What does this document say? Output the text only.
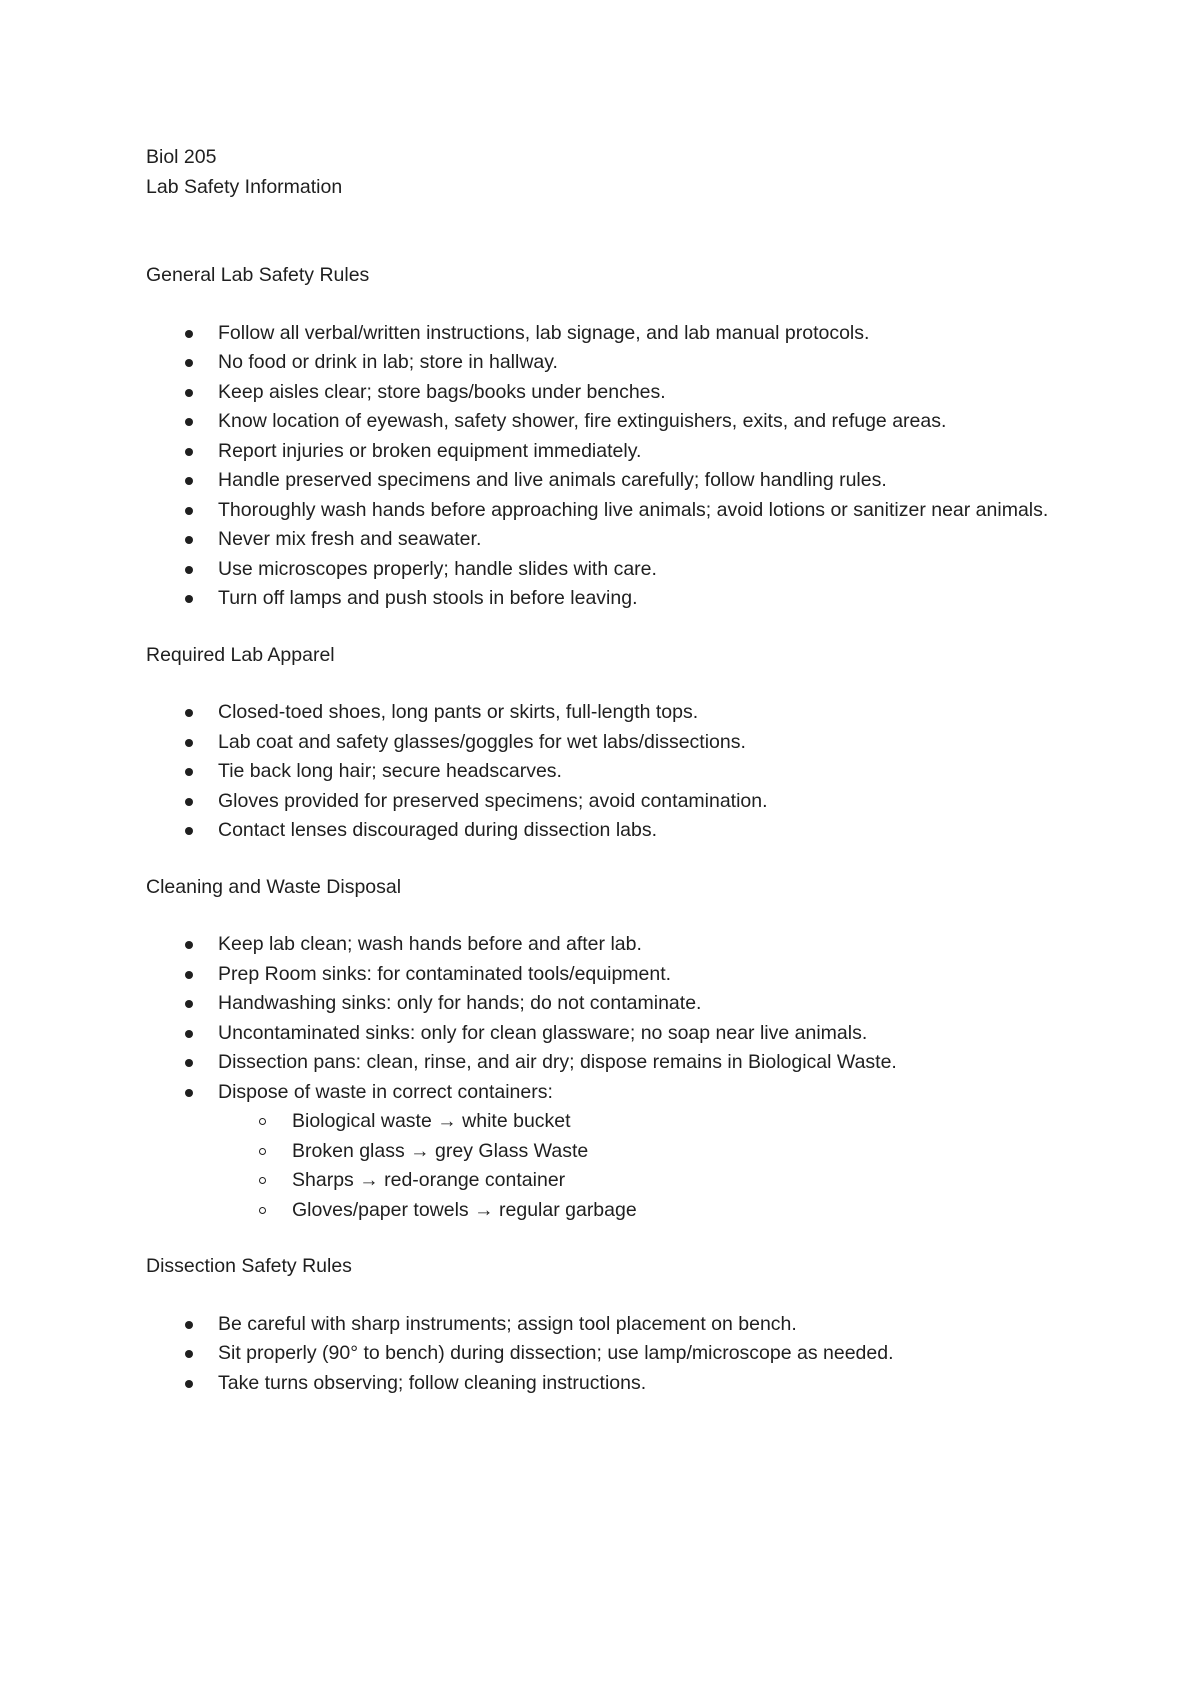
Biol 205

Lab Safety Information

General Lab Safety Rules

Follow all verbal/written instructions, lab signage, and lab manual protocols.
No food or drink in lab; store in hallway.
Keep aisles clear; store bags/books under benches.
Know location of eyewash, safety shower, fire extinguishers, exits, and refuge areas.
Report injuries or broken equipment immediately.
Handle preserved specimens and live animals carefully; follow handling rules.
Thoroughly wash hands before approaching live animals; avoid lotions or sanitizer near animals.
Never mix fresh and seawater.
Use microscopes properly; handle slides with care.
Turn off lamps and push stools in before leaving.

Required Lab Apparel

Closed-toed shoes, long pants or skirts, full-length tops.
Lab coat and safety glasses/goggles for wet labs/dissections.
Tie back long hair; secure headscarves.
Gloves provided for preserved specimens; avoid contamination.
Contact lenses discouraged during dissection labs.

Cleaning and Waste Disposal

Keep lab clean; wash hands before and after lab.
Prep Room sinks: for contaminated tools/equipment.
Handwashing sinks: only for hands; do not contaminate.
Uncontaminated sinks: only for clean glassware; no soap near live animals.
Dissection pans: clean, rinse, and air dry; dispose remains in Biological Waste.
Dispose of waste in correct containers:
Biological waste → white bucket
Broken glass → grey Glass Waste
Sharps → red-orange container
Gloves/paper towels → regular garbage

Dissection Safety Rules

Be careful with sharp instruments; assign tool placement on bench.
Sit properly (90° to bench) during dissection; use lamp/microscope as needed.
Take turns observing; follow cleaning instructions.
